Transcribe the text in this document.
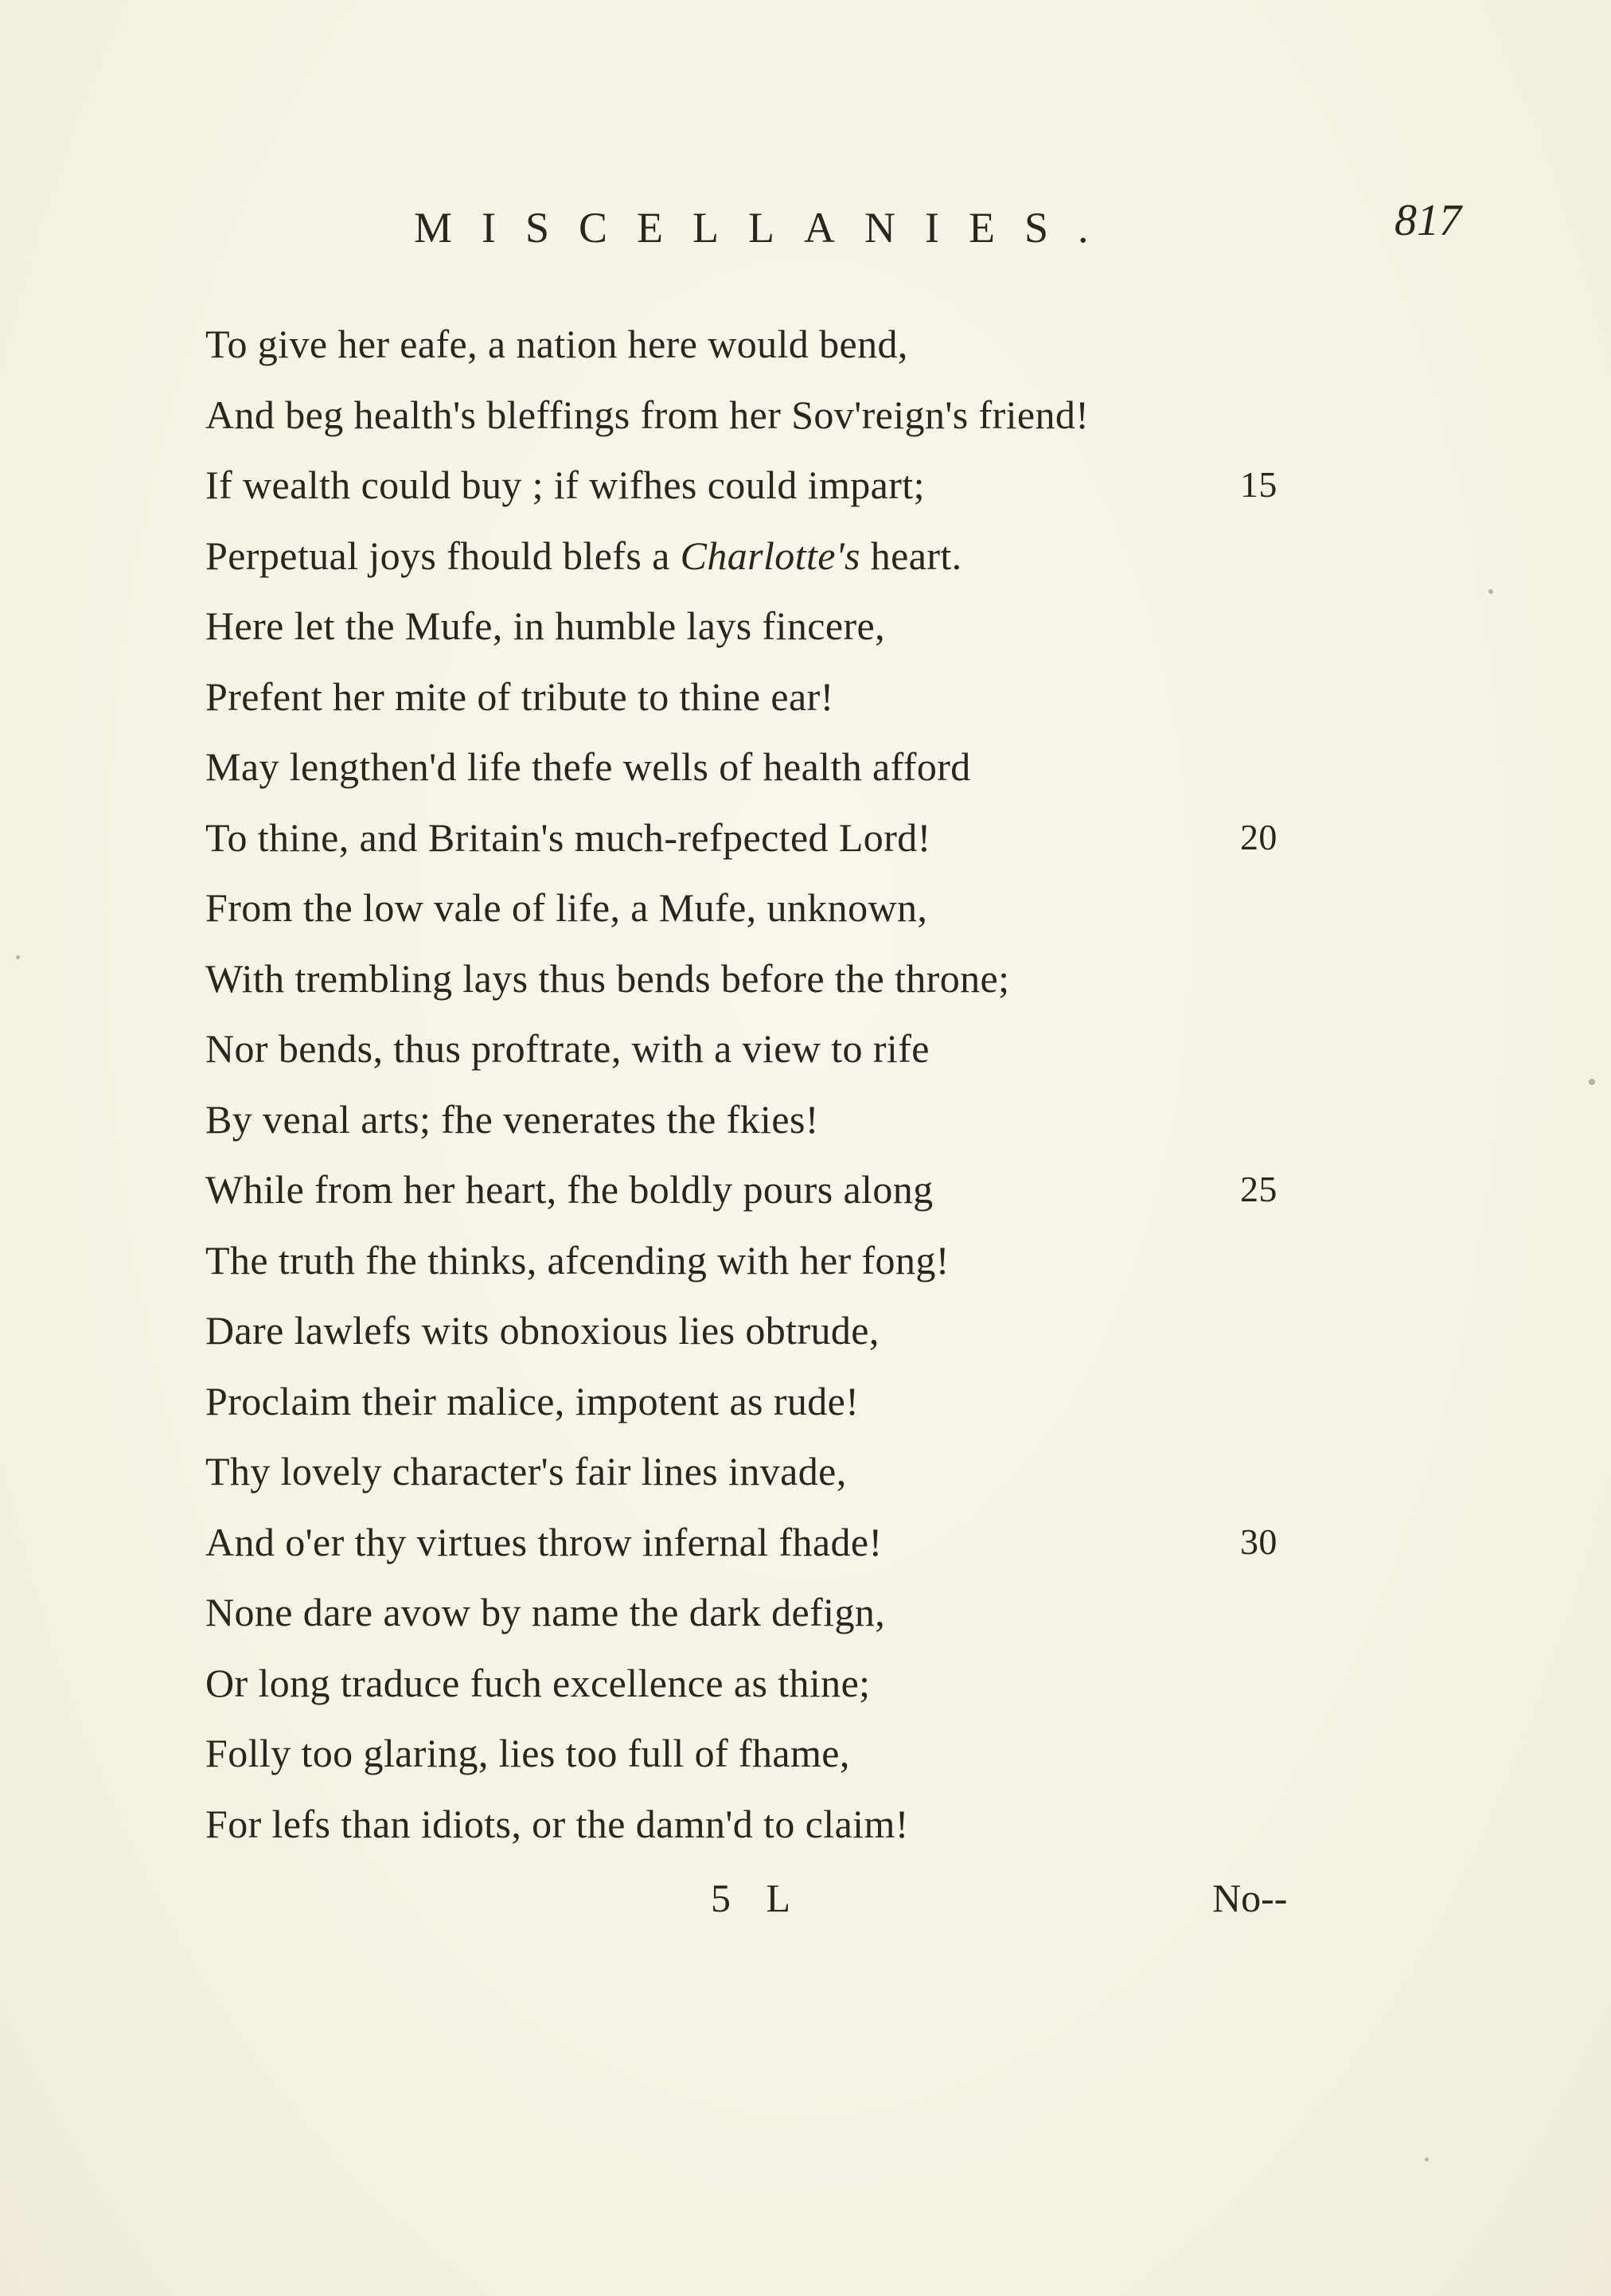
MISCELLANIES.	817
To give her eafe, a nation here would bend,
And beg health's bleffings from her Sov'reign's friend!
If wealth could buy ; if wifhes could impart;	15
Perpetual joys fhould blefs a Charlotte's heart.
Here let the Mufe, in humble lays fincere,
Prefent her mite of tribute to thine ear!
May lengthen'd life thefe wells of health afford
To thine, and Britain's much-refpected Lord!	20
From the low vale of life, a Mufe, unknown,
With trembling lays thus bends before the throne;
Nor bends, thus proftrate, with a view to rife
By venal arts; fhe venerates the fkies!
While from her heart, fhe boldly pours along	25
The truth fhe thinks, afcending with her fong!
Dare lawlefs wits obnoxious lies obtrude,
Proclaim their malice, impotent as rude!
Thy lovely character's fair lines invade,
And o'er thy virtues throw infernal fhade!	30
None dare avow by name the dark defign,
Or long traduce fuch excellence as thine;
Folly too glaring, lies too full of fhame,
For lefs than idiots, or the damn'd to claim!
5 L	No--
